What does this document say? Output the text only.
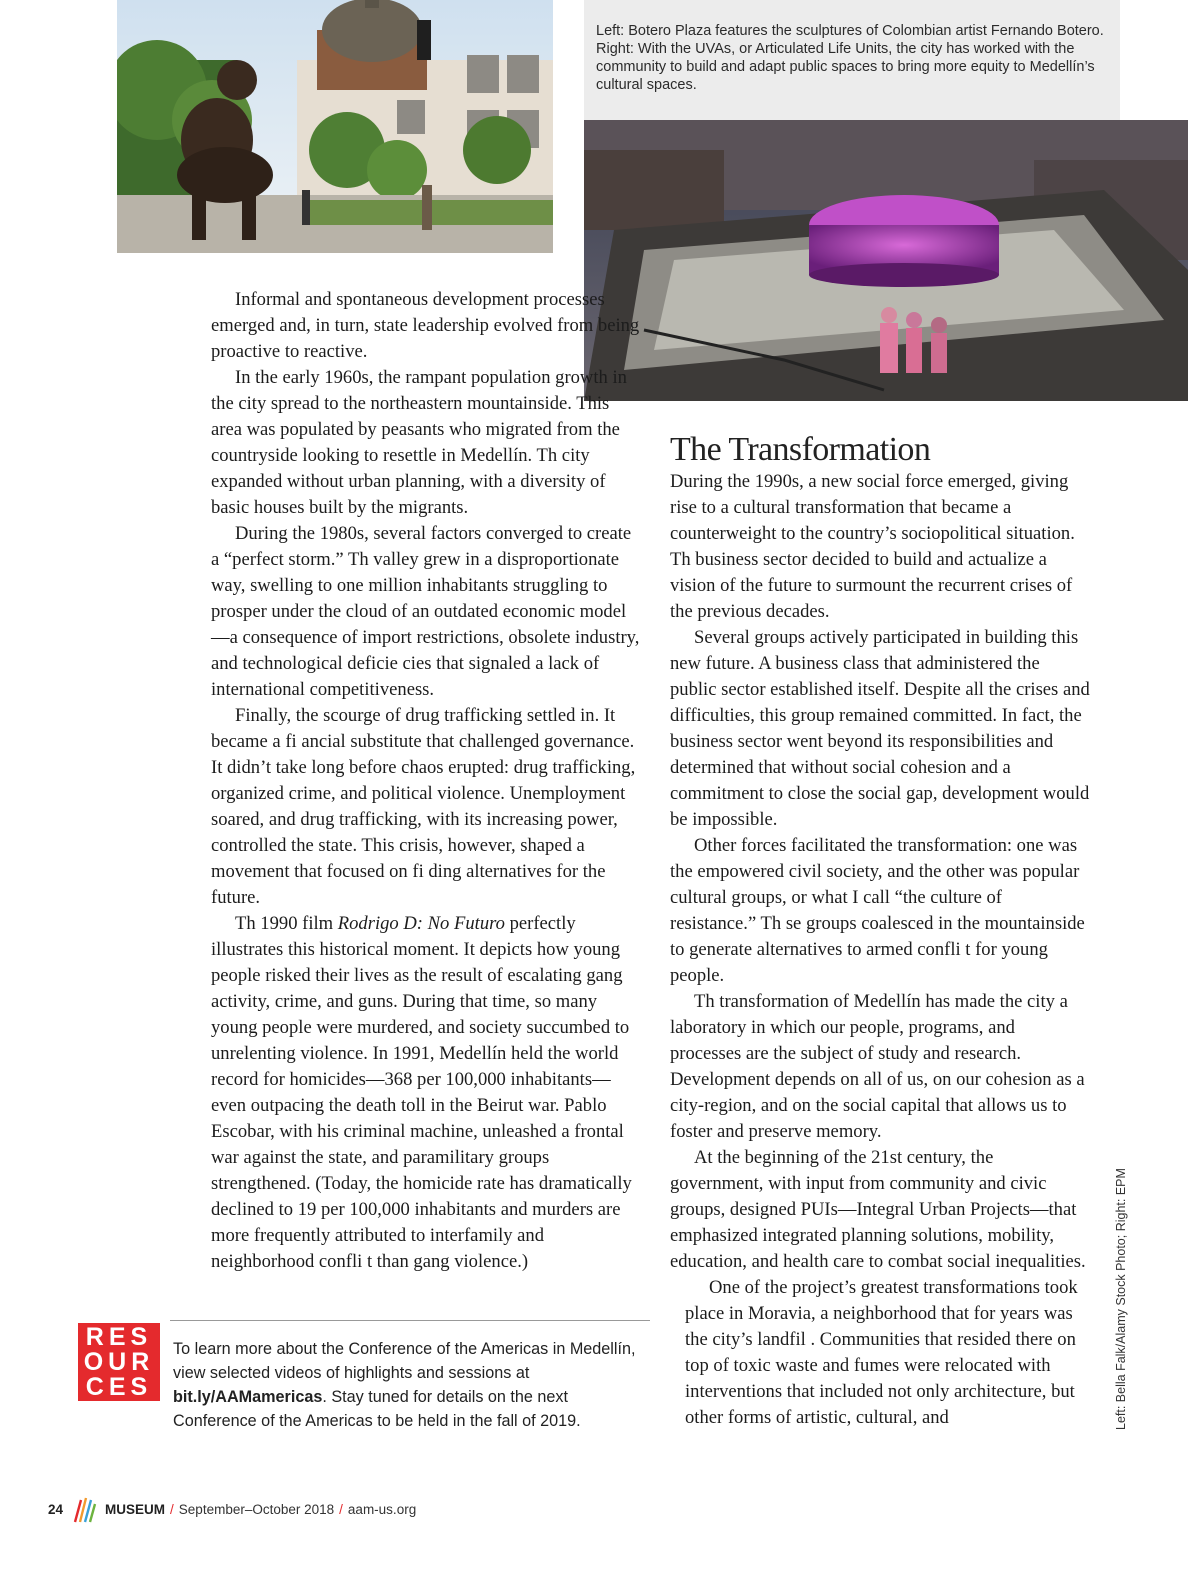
Left: Botero Plaza features the sculptures of Colombian artist Fernando Botero. Right: With the UVAs, or Articulated Life Units, the city has worked with the community to build and adapt public spaces to bring more equity to Medellín’s cultural spaces.

Informal and spontaneous development processes emerged and, in turn, state leadership evolved from being proactive to reactive.

In the early 1960s, the rampant population growth in the city spread to the northeastern mountainside. This area was populated by peasants who migrated from the countryside looking to resettle in Medellín. Th city expanded without urban planning, with a diversity of basic houses built by the migrants.

During the 1980s, several factors converged to create a “perfect storm.” Th valley grew in a disproportionate way, swelling to one million inhabitants struggling to prosper under the cloud of an outdated economic model—a consequence of import restrictions, obsolete industry, and technological deficie cies that signaled a lack of international competitiveness.

Finally, the scourge of drug trafficking settled in. It became a fi ancial substitute that challenged governance. It didn’t take long before chaos erupted: drug trafficking, organized crime, and political violence. Unemployment soared, and drug trafficking, with its increasing power, controlled the state. This crisis, however, shaped a movement that focused on fi ding alternatives for the future.

Th 1990 film Rodrigo D: No Futuro perfectly illustrates this historical moment. It depicts how young people risked their lives as the result of escalating gang activity, crime, and guns. During that time, so many young people were murdered, and society succumbed to unrelenting violence. In 1991, Medellín held the world record for homicides—368 per 100,000 inhabitants—even outpacing the death toll in the Beirut war. Pablo Escobar, with his criminal machine, unleashed a frontal war against the state, and paramilitary groups strengthened. (Today, the homicide rate has dramatically declined to 19 per 100,000 inhabitants and murders are more frequently attributed to interfamily and neighborhood confli t than gang violence.)

The Transformation

During the 1990s, a new social force emerged, giving rise to a cultural transformation that became a counterweight to the country’s sociopolitical situation. Th business sector decided to build and actualize a vision of the future to surmount the recurrent crises of the previous decades.

Several groups actively participated in building this new future. A business class that administered the public sector established itself. Despite all the crises and difficulties, this group remained committed. In fact, the business sector went beyond its responsibilities and determined that without social cohesion and a commitment to close the social gap, development would be impossible.

Other forces facilitated the transformation: one was the empowered civil society, and the other was popular cultural groups, or what I call “the culture of resistance.” Th se groups coalesced in the mountainside to generate alternatives to armed confli t for young people.

Th transformation of Medellín has made the city a laboratory in which our people, programs, and processes are the subject of study and research. Development depends on all of us, on our cohesion as a city-region, and on the social capital that allows us to foster and preserve memory.

At the beginning of the 21st century, the government, with input from community and civic groups, designed PUIs—Integral Urban Projects—that emphasized integrated planning solutions, mobility, education, and health care to combat social inequalities.

One of the project’s greatest transformations took place in Moravia, a neighborhood that for years was the city’s landfil . Communities that resided there on top of toxic waste and fumes were relocated with interventions that included not only architecture, but other forms of artistic, cultural, and

RES
OUR
CES

To learn more about the Conference of the Americas in Medellín, view selected videos of highlights and sessions at bit.ly/AAMamericas. Stay tuned for details on the next Conference of the Americas to be held in the fall of 2019.	Left: Bella Falk/Alamy Stock Photo; Right: EPM
24	MUSEUM / September–October 2018 / aam-us.org
